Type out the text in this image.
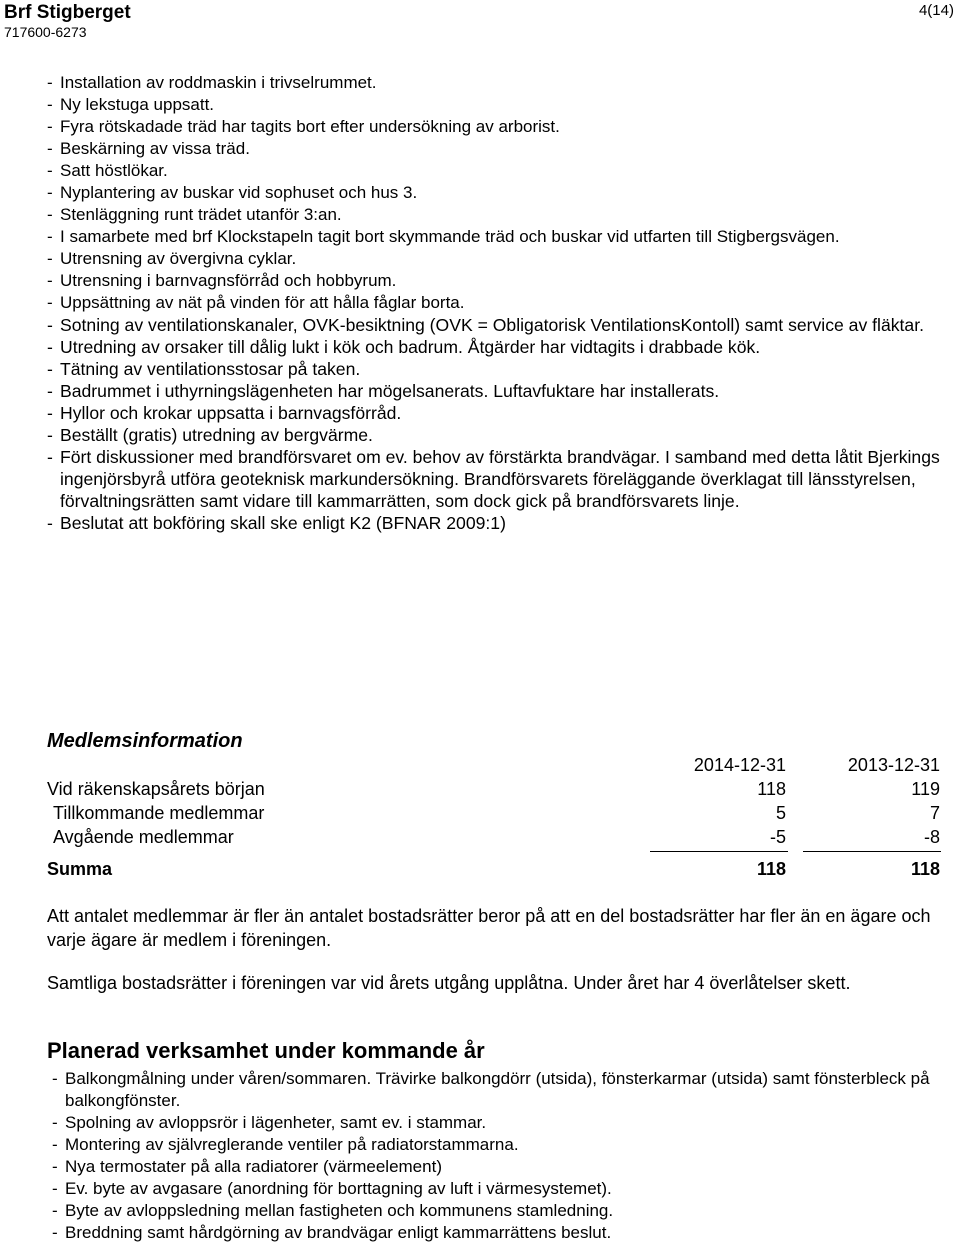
Brf Stigberget
717600-6273
4(14)
- Installation av roddmaskin i trivselrummet.
- Ny lekstuga uppsatt.
- Fyra rötskadade träd har tagits bort efter undersökning av arborist.
- Beskärning av vissa träd.
- Satt höstlökar.
- Nyplantering av buskar vid sophuset och hus 3.
- Stenläggning runt trädet utanför 3:an.
- I samarbete med brf Klockstapeln tagit bort skymmande träd och buskar vid utfarten till Stigbergsvägen.
- Utrensning av övergivna cyklar.
- Utrensning i barnvagnsförråd och hobbyrum.
- Uppsättning av nät på vinden för att hålla fåglar borta.
- Sotning av ventilationskanaler, OVK-besiktning (OVK = Obligatorisk VentilationsKontoll) samt service av fläktar.
- Utredning av orsaker till dålig lukt i kök och badrum. Åtgärder har vidtagits i drabbade kök.
- Tätning av ventilationsstosar på taken.
- Badrummet i uthyrningslägenheten har mögelsanerats. Luftavfuktare har installerats.
- Hyllor och krokar uppsatta i barnvagsförråd.
- Beställt (gratis) utredning av bergvärme.
- Fört diskussioner med brandförsvaret om ev. behov av förstärkta brandvägar. I samband med detta låtit Bjerkings ingenjörsbyrå utföra geoteknisk markundersökning. Brandförsvarets föreläggande överklagat till länsstyrelsen, förvaltningsrätten samt vidare till kammarrätten, som dock gick på brandförsvarets linje.
- Beslutat att bokföring skall ske enligt K2 (BFNAR 2009:1)
Medlemsinformation
2014-12-31	2013-12-31
Vid räkenskapsårets början	118	119
Tillkommande medlemmar	5	7
Avgående medlemmar	-5	-8
Summa	118	118

Att antalet medlemmar är fler än antalet bostadsrätter beror på att en del bostadsrätter har fler än en ägare och varje ägare är medlem i föreningen.

Samtliga bostadsrätter i föreningen var vid årets utgång upplåtna. Under året har 4 överlåtelser skett.

Planerad verksamhet under kommande år
- Balkongmålning under våren/sommaren. Trävirke balkongdörr (utsida), fönsterkarmar (utsida) samt fönsterbleck på balkongfönster.
- Spolning av avloppsrör i lägenheter, samt ev. i stammar.
- Montering av självreglerande ventiler på radiatorstammarna.
- Nya termostater på alla radiatorer (värmeelement)
- Ev. byte av avgasare (anordning för borttagning av luft i värmesystemet).
- Byte av avloppsledning mellan fastigheten och kommunens stamledning.
- Breddning samt hårdgörning av brandvägar enligt kammarrättens beslut.
